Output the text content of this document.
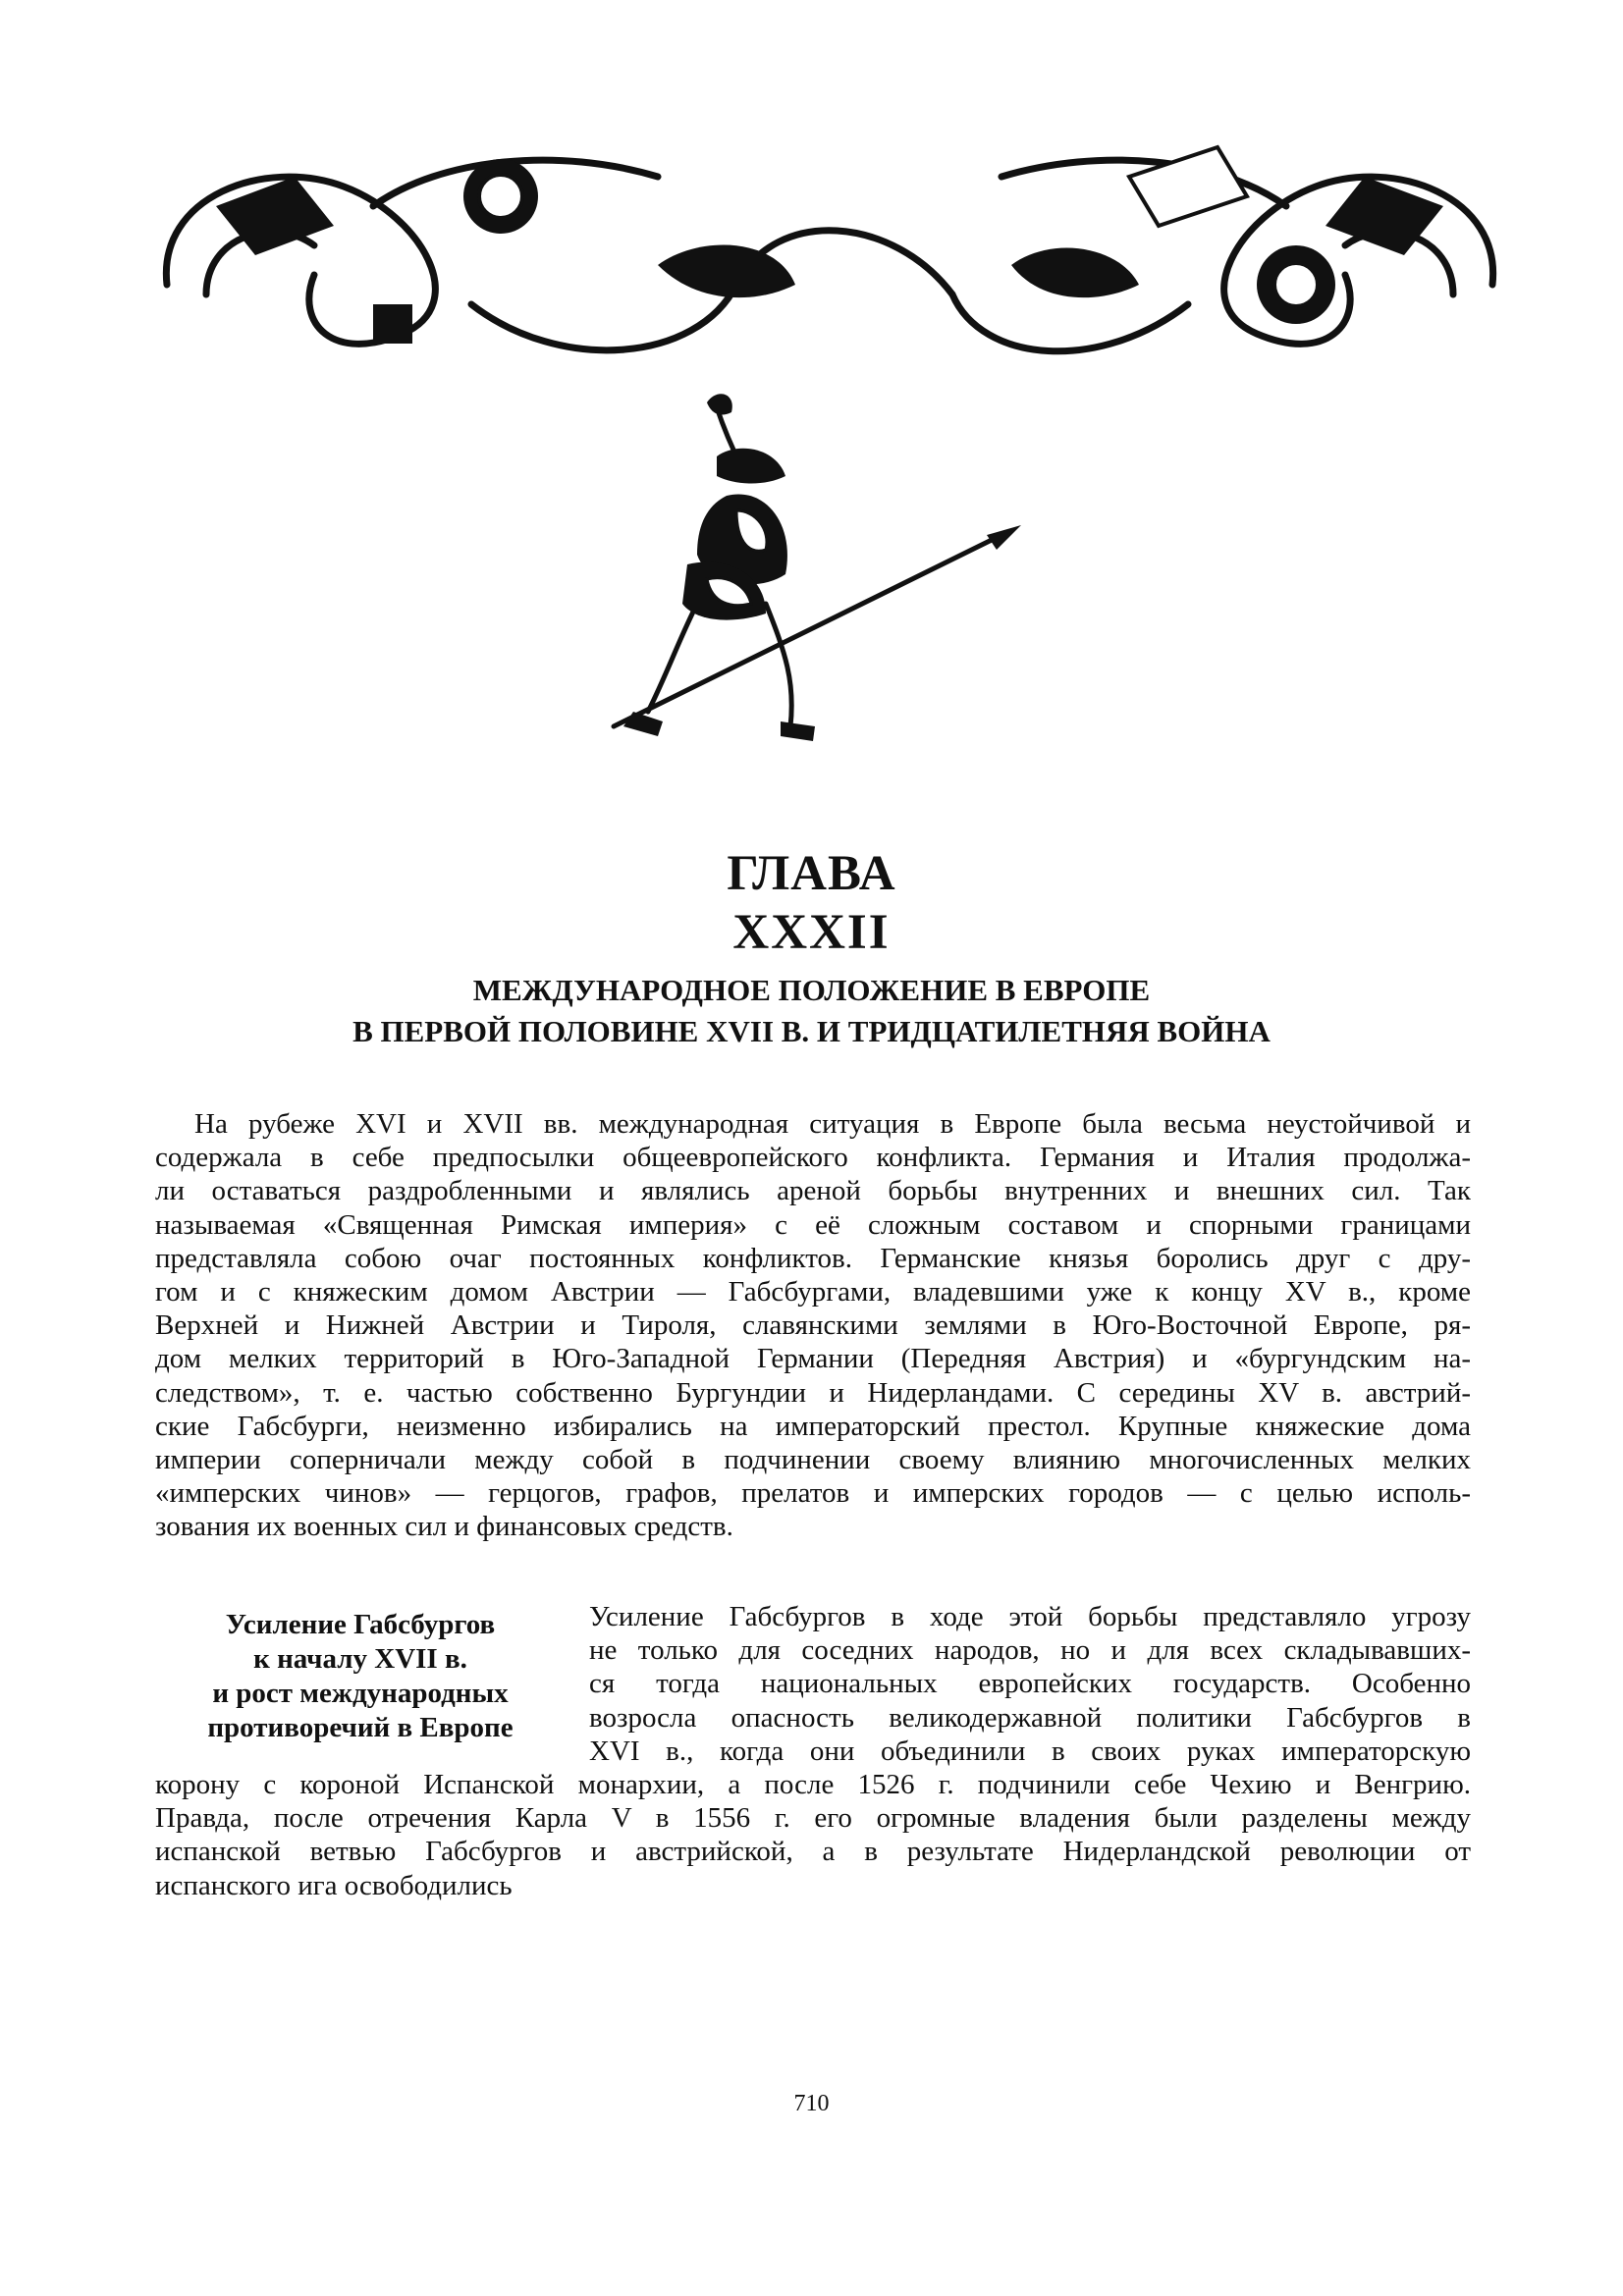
ГЛАВА
XXXII
МЕЖДУНАРОДНОЕ ПОЛОЖЕНИЕ В ЕВРОПЕ
В ПЕРВОЙ ПОЛОВИНЕ XVII В. И ТРИДЦАТИЛЕТНЯЯ ВОЙНА
На рубеже XVI и XVII вв. международная ситуация в Европе была весьма неустойчивой и
содержала в себе предпосылки общеевропейского конфликта. Германия и Италия продолжа-
ли оставаться раздробленными и являлись ареной борьбы внутренних и внешних сил. Так
называемая «Священная Римская империя» с её сложным составом и спорными границами
представляла собою очаг постоянных конфликтов. Германские князья боролись друг с дру-
гом и с княжеским домом Австрии — Габсбургами, владевшими уже к концу XV в., кроме
Верхней и Нижней Австрии и Тироля, славянскими землями в Юго-Восточной Европе, ря-
дом мелких территорий в Юго-Западной Германии (Передняя Австрия) и «бургундским на-
следством», т. е. частью собственно Бургундии и Нидерландами. С середины XV в. австрий-
ские Габсбурги, неизменно избирались на императорский престол. Крупные княжеские дома
империи соперничали между собой в подчинении своему влиянию многочисленных мелких
«имперских чинов» — герцогов, графов, прелатов и имперских городов — с целью исполь-
зования их военных сил и финансовых средств.
Усиление Габсбургов
к началу XVII в.
и рост международных
противоречий в Европе
Усиление Габсбургов в ходе этой борьбы представляло угрозу
не только для соседних народов, но и для всех складывавших-
ся тогда национальных европейских государств. Особенно
возросла опасность великодержавной политики Габсбургов в
XVI в., когда они объединили в своих руках императорскую
корону с короной Испанской монархии, а после 1526 г. подчинили себе Чехию и Венгрию.
Правда, после отречения Карла V в 1556 г. его огромные владения были разделены между
испанской ветвью Габсбургов и австрийской, а в результате Нидерландской революции от
испанского ига освободились
710
